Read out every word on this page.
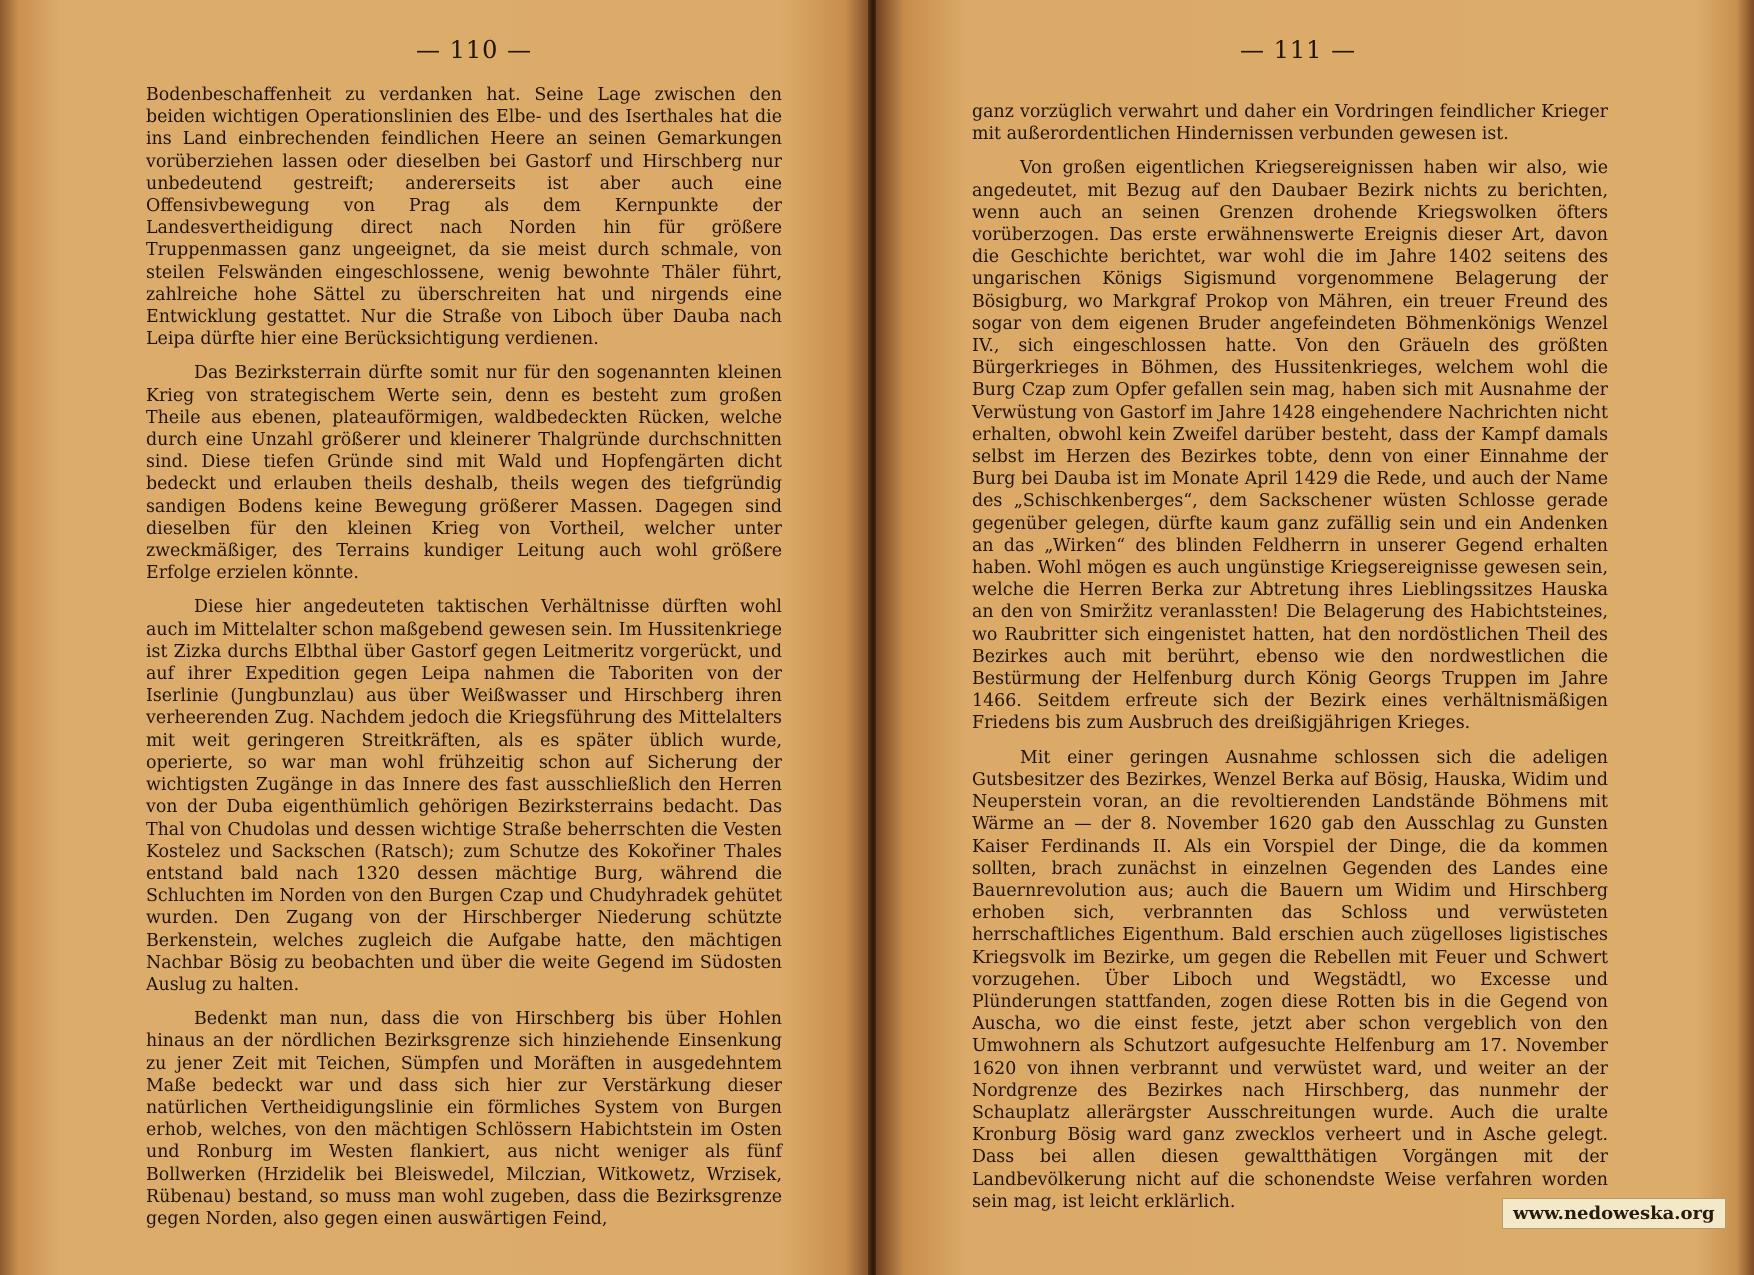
— 110 —

Bodenbeschaffenheit zu verdanken hat. Seine Lage zwischen den beiden wichtigen Operationslinien des Elbe- und des Iserthales hat die ins Land einbrechenden feindlichen Heere an seinen Gemarkungen vorüberziehen lassen oder dieselben bei Gastorf und Hirschberg nur unbedeutend gestreift; andererseits ist aber auch eine Offensivbewegung von Prag als dem Kernpunkte der Landesvertheidigung direct nach Norden hin für größere Truppenmassen ganz ungeeignet, da sie meist durch schmale, von steilen Felswänden eingeschlossene, wenig bewohnte Thäler führt, zahlreiche hohe Sättel zu überschreiten hat und nirgends eine Entwicklung gestattet. Nur die Straße von Liboch über Dauba nach Leipa dürfte hier eine Berücksichtigung verdienen.

Das Bezirksterrain dürfte somit nur für den sogenannten kleinen Krieg von strategischem Werte sein, denn es besteht zum großen Theile aus ebenen, plateauförmigen, waldbedeckten Rücken, welche durch eine Unzahl größerer und kleinerer Thalgründe durchschnitten sind. Diese tiefen Gründe sind mit Wald und Hopfengärten dicht bedeckt und erlauben theils deshalb, theils wegen des tiefgründig sandigen Bodens keine Bewegung größerer Massen. Dagegen sind dieselben für den kleinen Krieg von Vortheil, welcher unter zweckmäßiger, des Terrains kundiger Leitung auch wohl größere Erfolge erzielen könnte.

Diese hier angedeuteten taktischen Verhältnisse dürften wohl auch im Mittelalter schon maßgebend gewesen sein. Im Hussitenkriege ist Zizka durchs Elbthal über Gastorf gegen Leitmeritz vorgerückt, und auf ihrer Expedition gegen Leipa nahmen die Taboriten von der Iserlinie (Jungbunzlau) aus über Weißwasser und Hirschberg ihren verheerenden Zug. Nachdem jedoch die Kriegsführung des Mittelalters mit weit geringeren Streitkräften, als es später üblich wurde, operierte, so war man wohl frühzeitig schon auf Sicherung der wichtigsten Zugänge in das Innere des fast ausschließlich den Herren von der Duba eigenthümlich gehörigen Bezirksterrains bedacht. Das Thal von Chudolas und dessen wichtige Straße beherrschten die Vesten Kostelez und Sackschen (Ratsch); zum Schutze des Kokořiner Thales entstand bald nach 1320 dessen mächtige Burg, während die Schluchten im Norden von den Burgen Czap und Chudyhradek gehütet wurden. Den Zugang von der Hirschberger Niederung schützte Berkenstein, welches zugleich die Aufgabe hatte, den mächtigen Nachbar Bösig zu beobachten und über die weite Gegend im Südosten Auslug zu halten.

Bedenkt man nun, dass die von Hirschberg bis über Hohlen hinaus an der nördlichen Bezirksgrenze sich hinziehende Einsenkung zu jener Zeit mit Teichen, Sümpfen und Moräften in ausgedehntem Maße bedeckt war und dass sich hier zur Verstärkung dieser natürlichen Vertheidigungslinie ein förmliches System von Burgen erhob, welches, von den mächtigen Schlössern Habichtstein im Osten und Ronburg im Westen flankiert, aus nicht weniger als fünf Bollwerken (Hrzidelik bei Bleiswedel, Milczian, Witkowetz, Wrzisek, Rübenau) bestand, so muss man wohl zugeben, dass die Bezirksgrenze gegen Norden, also gegen einen auswärtigen Feind,

— 111 —

ganz vorzüglich verwahrt und daher ein Vordringen feindlicher Krieger mit außerordentlichen Hindernissen verbunden gewesen ist.

Von großen eigentlichen Kriegsereignissen haben wir also, wie angedeutet, mit Bezug auf den Daubaer Bezirk nichts zu berichten, wenn auch an seinen Grenzen drohende Kriegswolken öfters vorüberzogen. Das erste erwähnenswerte Ereignis dieser Art, davon die Geschichte berichtet, war wohl die im Jahre 1402 seitens des ungarischen Königs Sigismund vorgenommene Belagerung der Bösigburg, wo Markgraf Prokop von Mähren, ein treuer Freund des sogar von dem eigenen Bruder angefeindeten Böhmenkönigs Wenzel IV., sich eingeschlossen hatte. Von den Gräueln des größten Bürgerkrieges in Böhmen, des Hussitenkrieges, welchem wohl die Burg Czap zum Opfer gefallen sein mag, haben sich mit Ausnahme der Verwüstung von Gastorf im Jahre 1428 eingehendere Nachrichten nicht erhalten, obwohl kein Zweifel darüber besteht, dass der Kampf damals selbst im Herzen des Bezirkes tobte, denn von einer Einnahme der Burg bei Dauba ist im Monate April 1429 die Rede, und auch der Name des „Schischkenberges“, dem Sackschener wüsten Schlosse gerade gegenüber gelegen, dürfte kaum ganz zufällig sein und ein Andenken an das „Wirken“ des blinden Feldherrn in unserer Gegend erhalten haben. Wohl mögen es auch ungünstige Kriegsereignisse gewesen sein, welche die Herren Berka zur Abtretung ihres Lieblingssitzes Hauska an den von Smiržitz veranlassten! Die Belagerung des Habichtsteines, wo Raubritter sich eingenistet hatten, hat den nordöstlichen Theil des Bezirkes auch mit berührt, ebenso wie den nordwestlichen die Bestürmung der Helfenburg durch König Georgs Truppen im Jahre 1466. Seitdem erfreute sich der Bezirk eines verhältnismäßigen Friedens bis zum Ausbruch des dreißigjährigen Krieges.

Mit einer geringen Ausnahme schlossen sich die adeligen Gutsbesitzer des Bezirkes, Wenzel Berka auf Bösig, Hauska, Widim und Neuperstein voran, an die revoltierenden Landstände Böhmens mit Wärme an — der 8. November 1620 gab den Ausschlag zu Gunsten Kaiser Ferdinands II. Als ein Vorspiel der Dinge, die da kommen sollten, brach zunächst in einzelnen Gegenden des Landes eine Bauernrevolution aus; auch die Bauern um Widim und Hirschberg erhoben sich, verbrannten das Schloss und verwüsteten herrschaftliches Eigenthum. Bald erschien auch zügelloses ligistisches Kriegsvolk im Bezirke, um gegen die Rebellen mit Feuer und Schwert vorzugehen. Über Liboch und Wegstädtl, wo Excesse und Plünderungen stattfanden, zogen diese Rotten bis in die Gegend von Auscha, wo die einst feste, jetzt aber schon vergeblich von den Umwohnern als Schutzort aufgesuchte Helfenburg am 17. November 1620 von ihnen verbrannt und verwüstet ward, und weiter an der Nordgrenze des Bezirkes nach Hirschberg, das nunmehr der Schauplatz allerärgster Ausschreitungen wurde. Auch die uralte Kronburg Bösig ward ganz zwecklos verheert und in Asche gelegt. Dass bei allen diesen gewaltthätigen Vorgängen mit der Landbevölkerung nicht auf die schonendste Weise verfahren worden sein mag, ist leicht erklärlich.

www.nedoweska.org
